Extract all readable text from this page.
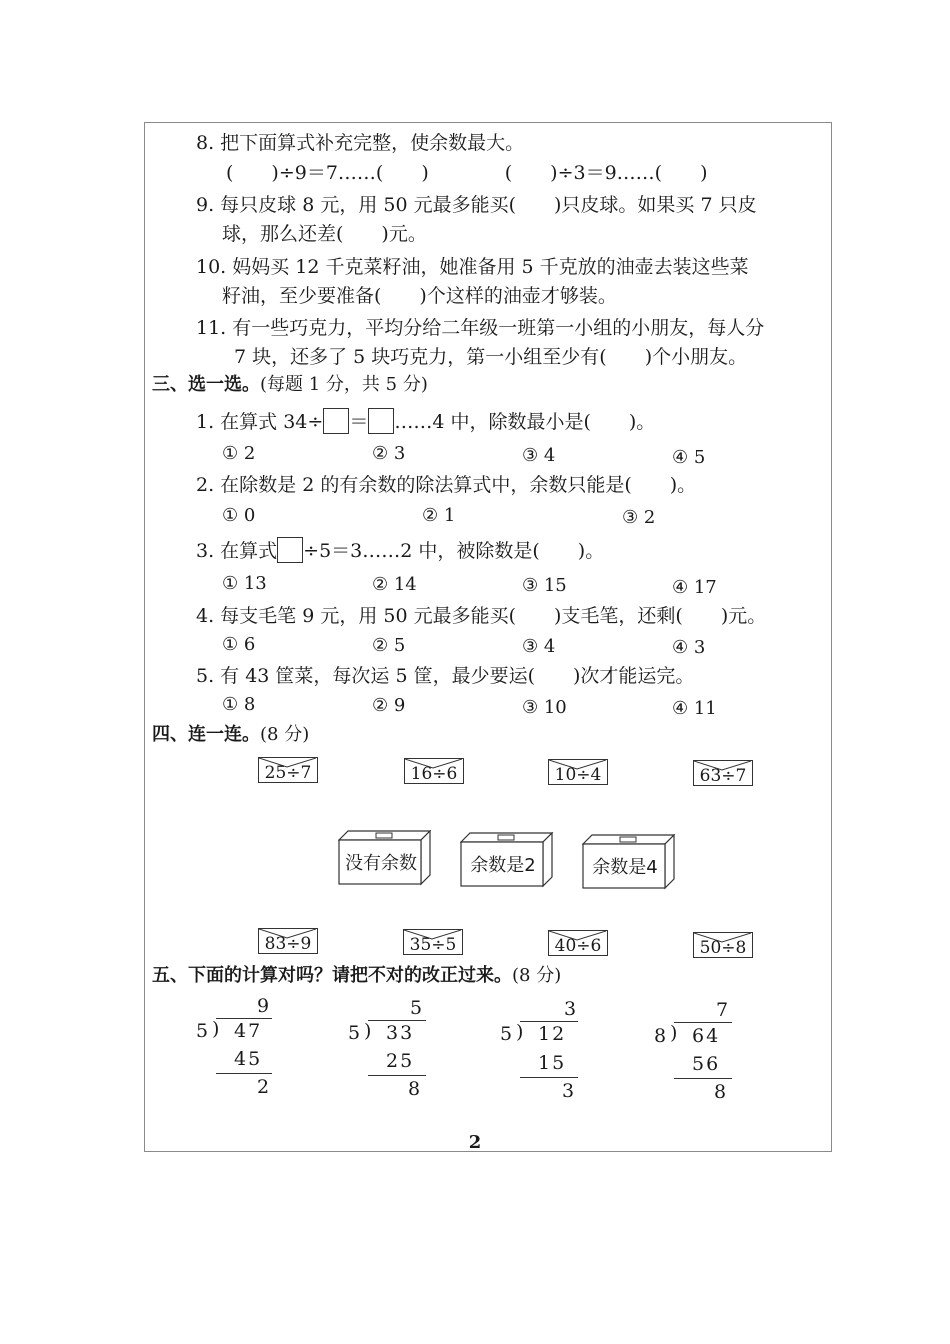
8. 把下面算式补充完整，使余数最大。
(　　)÷9＝7……(　　)　　　　(　　)÷3＝9……(　　)
9. 每只皮球 8 元，用 50 元最多能买(　　)只皮球。如果买 7 只皮
球，那么还差(　　)元。
10. 妈妈买 12 千克菜籽油，她准备用 5 千克放的油壶去装这些菜
籽油，至少要准备(　　)个这样的油壶才够装。
11. 有一些巧克力，平均分给二年级一班第一小组的小朋友，每人分
7 块，还多了 5 块巧克力，第一小组至少有(　　)个小朋友。
三、选一选。(每题 1 分，共 5 分)
1. 在算式 34÷ ＝ ……4 中，除数最小是(　　)。
① 2	② 3	③ 4	④ 5
2. 在除数是 2 的有余数的除法算式中，余数只能是(　　)。
① 0	② 1	③ 2
3. 在算式 ÷5＝3……2 中，被除数是(　　)。
① 13	② 14	③ 15	④ 17
4. 每支毛笔 9 元，用 50 元最多能买(　　)支毛笔，还剩(　　)元。
① 6	② 5	③ 4	④ 3
5. 有 43 筐菜，每次运 5 筐，最少要运(　　)次才能运完。
① 8	② 9	③ 10	④ 11
四、连一连。(8 分)
25÷7	16÷6	10÷4	63÷7
没有余数	余数是2	余数是4
83÷9	35÷5	40÷6	50÷8
五、下面的计算对吗？请把不对的改正过来。(8 分)
9
5 ) 47
45
2
5
5 ) 33
25
8
3
5 ) 12
15
3
7
8 ) 64
56
8
2
